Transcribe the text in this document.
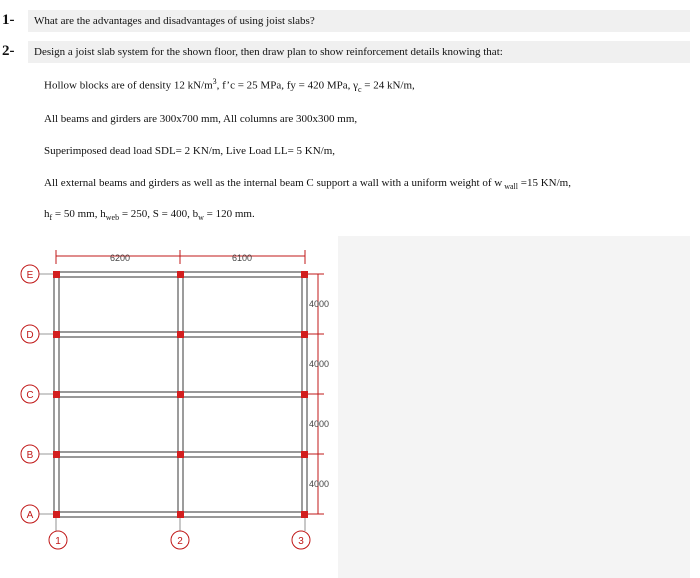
1- What are the advantages and disadvantages of using joist slabs?
2- Design a joist slab system for the shown floor, then draw plan to show reinforcement details knowing that:
Hollow blocks are of density 12 $kN/m^3$, f’c = 25 MPa, fy = 420 MPa, $\gamma_c = 24$ kN/m,
All beams and girders are 300x700 mm, All columns are 300x300 mm,
Superimposed dead load SDL= 2 KN/m, Live Load LL= 5 KN/m,
All external beams and girders as well as the internal beam C support a wall with a uniform weight of w $_{wall}$ =15 KN/m,
$h_f = 50$ mm, $h_{web} = 250$, S = 400, $b_w = 120$ mm.
6200	6100
4000
4000
4000
4000
E
D
C
B
A
1	2	3
